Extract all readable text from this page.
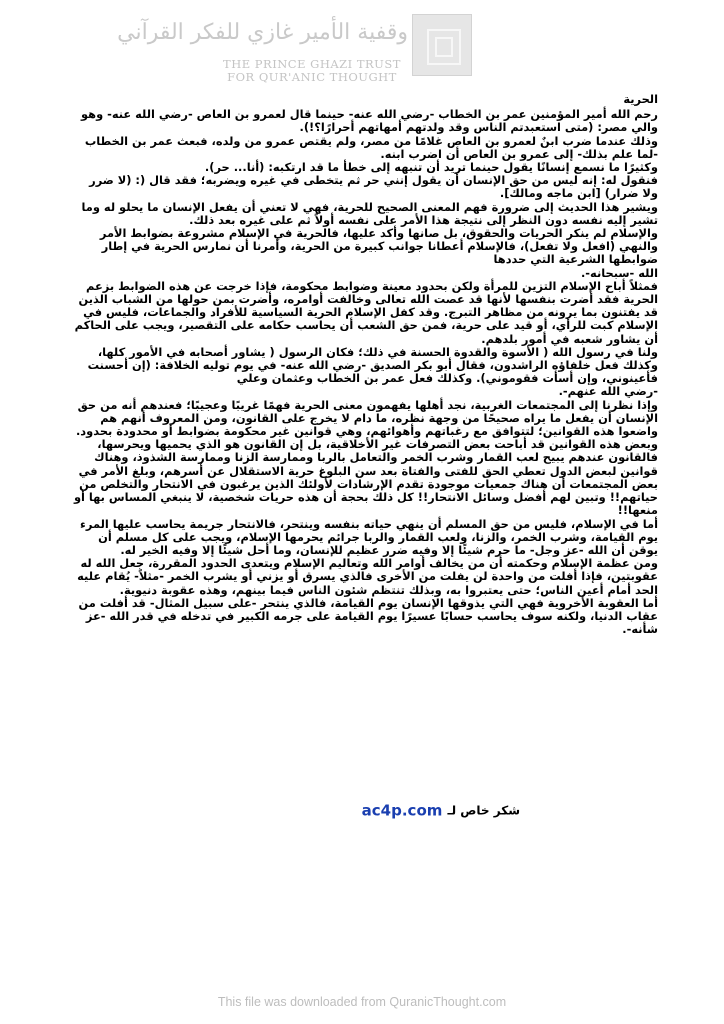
وقفية الأمير غازي للفكر القرآني
THE PRINCE GHAZI TRUST
FOR QUR'ANIC THOUGHT

الحرية

رحم الله أمير المؤمنين عمر بن الخطاب -رضي الله عنه- حينما قال لعمرو بن العاص -رضي الله عنه- وهو والي مصر: (متى استعبدتم الناس وقد ولدتهم أمهاتهم أحرارًا؟!).

وذلك عندما ضرب ابنٌ لعمرو بن العاص غلامًا من مصر، ولم يقتص عمرو من ولده، فبعث عمر بن الخطاب -لما علم بذلك- إلى عمرو بن العاص أن اضرب ابنه.

وكثيرًا ما نسمع إنسانًا يقول حينما تريد أن تنبهه إلى خطأ ما قد ارتكبه: (أنا... حر).

فنقول له: إنه ليس من حق الإنسان أن يقول إنني حر ثم يتخطى في غيره ويضربه؛ فقد قال (: (لا ضرر ولا ضرار) [ابن ماجه ومالك].

ويشير هذا الحديث إلى ضرورة فهم المعنى الصحيح للحرية، فهي لا تعني أن يفعل الإنسان ما يحلو له وما تشير إليه نفسه دون النظر إلى نتيجة هذا الأمر على نفسه أولاً ثم على غيره بعد ذلك.

والإسلام لم ينكر الحريات والحقوق، بل صانها وأكد عليها، فالحرية في الإسلام مشروعة بضوابط الأمر والنهي (افعل ولا تفعل)، فالإسلام أعطانا جوانب كبيرة من الحرية، وأمرنا أن نمارس الحرية في إطار ضوابطها الشرعية التي حددها

الله -سبحانه-.

فمثلاً أباح الإسلام التزين للمرأة ولكن بحدود معينة وضوابط محكومة، فإذا خرجت عن هذه الضوابط بزعم الحرية فقد أضرت بنفسها لأنها قد عصت الله تعالى وخالفت أوامره، وأضرت بمن حولها من الشباب الذين قد يفتنون بما يرونه من مظاهر التبرج. وقد كفل الإسلام الحرية السياسية للأفراد والجماعات، فليس في الإسلام كبت للرأي، أو قيد على حرية، فمن حق الشعب أن يحاسب حكامه على التقصير، ويجب على الحاكم أن يشاور شعبه في أمور بلدهم.

ولنا في رسول الله ( الأسوة والقدوة الحسنة في ذلك؛ فكان الرسول ( يشاور أصحابه في الأمور كلها، وكذلك فعل خلفاؤه الراشدون، فقال أبو بكر الصديق -رضي الله عنه- في يوم توليه الخلافة: (إن أحسنت فأعينوني، وإن أسأت فقوموني). وكذلك فعل عمر بن الخطاب وعثمان وعلي

-رضي الله عنهم-.

وإذا نظرنا إلى المجتمعات الغربية، نجد أهلها يفهمون معنى الحرية فهمًا غريبًا وعجيبًا؛ فعندهم أنه من حق الإنسان أن يفعل ما يراه صحيحًا من وجهة نظره، ما دام لا يخرج على القانون، ومن المعروف أنهم هم واضعوا هذه القوانين؛ لتتوافق مع رغباتهم وأهوائهم، وهي قوانين غير محكومة بضوابط أو محدودة بحدود.

وبعض هذه القوانين قد أباحت بعض التصرفات غير الأخلاقية، بل إن القانون هو الذي يحميها ويحرسها، فالقانون عندهم يبيح لعب القمار وشرب الخمر والتعامل بالربا وممارسة الزنا وممارسة الشذوذ، وهناك قوانين لبعض الدول تعطي الحق للفتى والفتاة بعد سن البلوغ حرية الاستقلال عن أسرهم، وبلغ الأمر في بعض المجتمعات أن هناك جمعيات موجودة تقدم الإرشادات لأولئك الذين يرغبون في الانتحار والتخلص من حياتهم!! وتبين لهم أفضل وسائل الانتحار!! كل ذلك بحجة أن هذه حريات شخصية، لا ينبغي المساس بها أو منعها!!

أما في الإسلام، فليس من حق المسلم أن ينهي حياته بنفسه وينتحر، فالانتحار جريمة يحاسب عليها المرء يوم القيامة، وشرب الخمر، والزنا، ولعب القمار والربا جرائم يحرمها الإسلام، ويجب على كل مسلم أن يوقن أن الله -عز وجل- ما حرم شيئًا إلا وفيه ضرر عظيم للإنسان، وما أحل شيئًا إلا وفيه الخير له.

ومن عظمة الإسلام وحكمته أن من يخالف أوامر الله وتعاليم الإسلام ويتعدى الحدود المقررة، جعل الله له عقوبتين، فإذا أفلت من واحدة لن يفلت من الأخرى فالذي يسرق أو يزني أو يشرب الخمر -مثلاً- يُقام عليه الحد أمام أعين الناس؛ حتى يعتبروا به، وبذلك تنتظم شئون الناس فيما بينهم، وهذه عقوبة دنيوية.

أما العقوبة الأخروية فهي التي يذوقها الإنسان يوم القيامة، فالذي ينتحر -على سبيل المثال- قد أفلت من عقاب الدنيا، ولكنه سوف يحاسب حسابًا عسيرًا يوم القيامة على جرمه الكبير في تدخله في قدر الله -عز شأنه-.

شكر خاص لـ ac4p.com
This file was downloaded from QuranicThought.com
